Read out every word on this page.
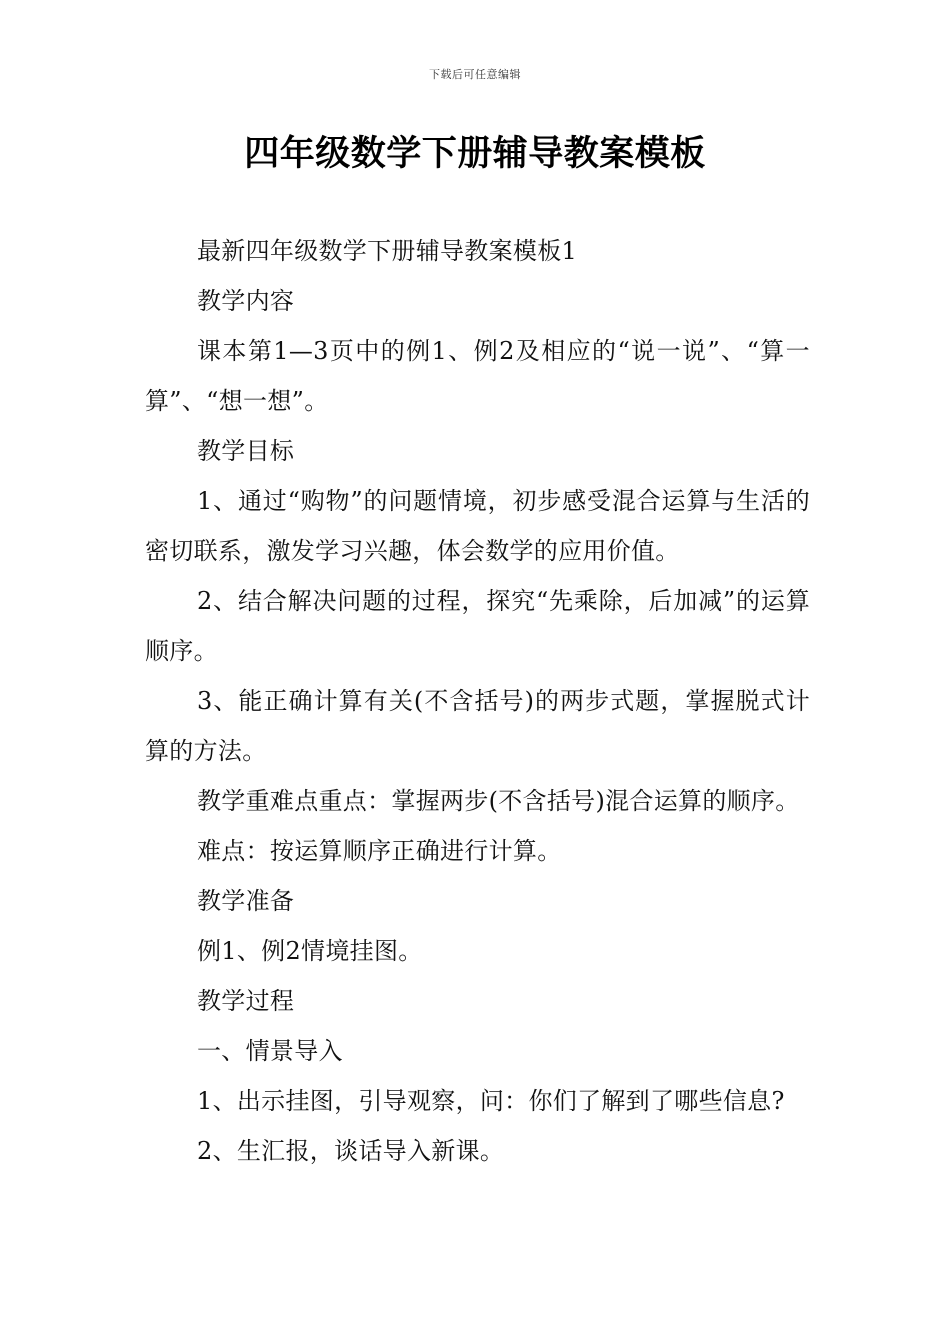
下载后可任意编辑
四年级数学下册辅导教案模板

最新四年级数学下册辅导教案模板1

教学内容

课本第1—3页中的例1、例2及相应的“说一说”、“算一算”、“想一想”。

教学目标

1、通过“购物”的问题情境，初步感受混合运算与生活的密切联系，激发学习兴趣，体会数学的应用价值。

2、结合解决问题的过程，探究“先乘除，后加减”的运算顺序。

3、能正确计算有关(不含括号)的两步式题，掌握脱式计算的方法。

教学重难点重点：掌握两步(不含括号)混合运算的顺序。

难点：按运算顺序正确进行计算。

教学准备

例1、例2情境挂图。

教学过程

一、情景导入

1、出示挂图，引导观察，问：你们了解到了哪些信息?

2、生汇报，谈话导入新课。
